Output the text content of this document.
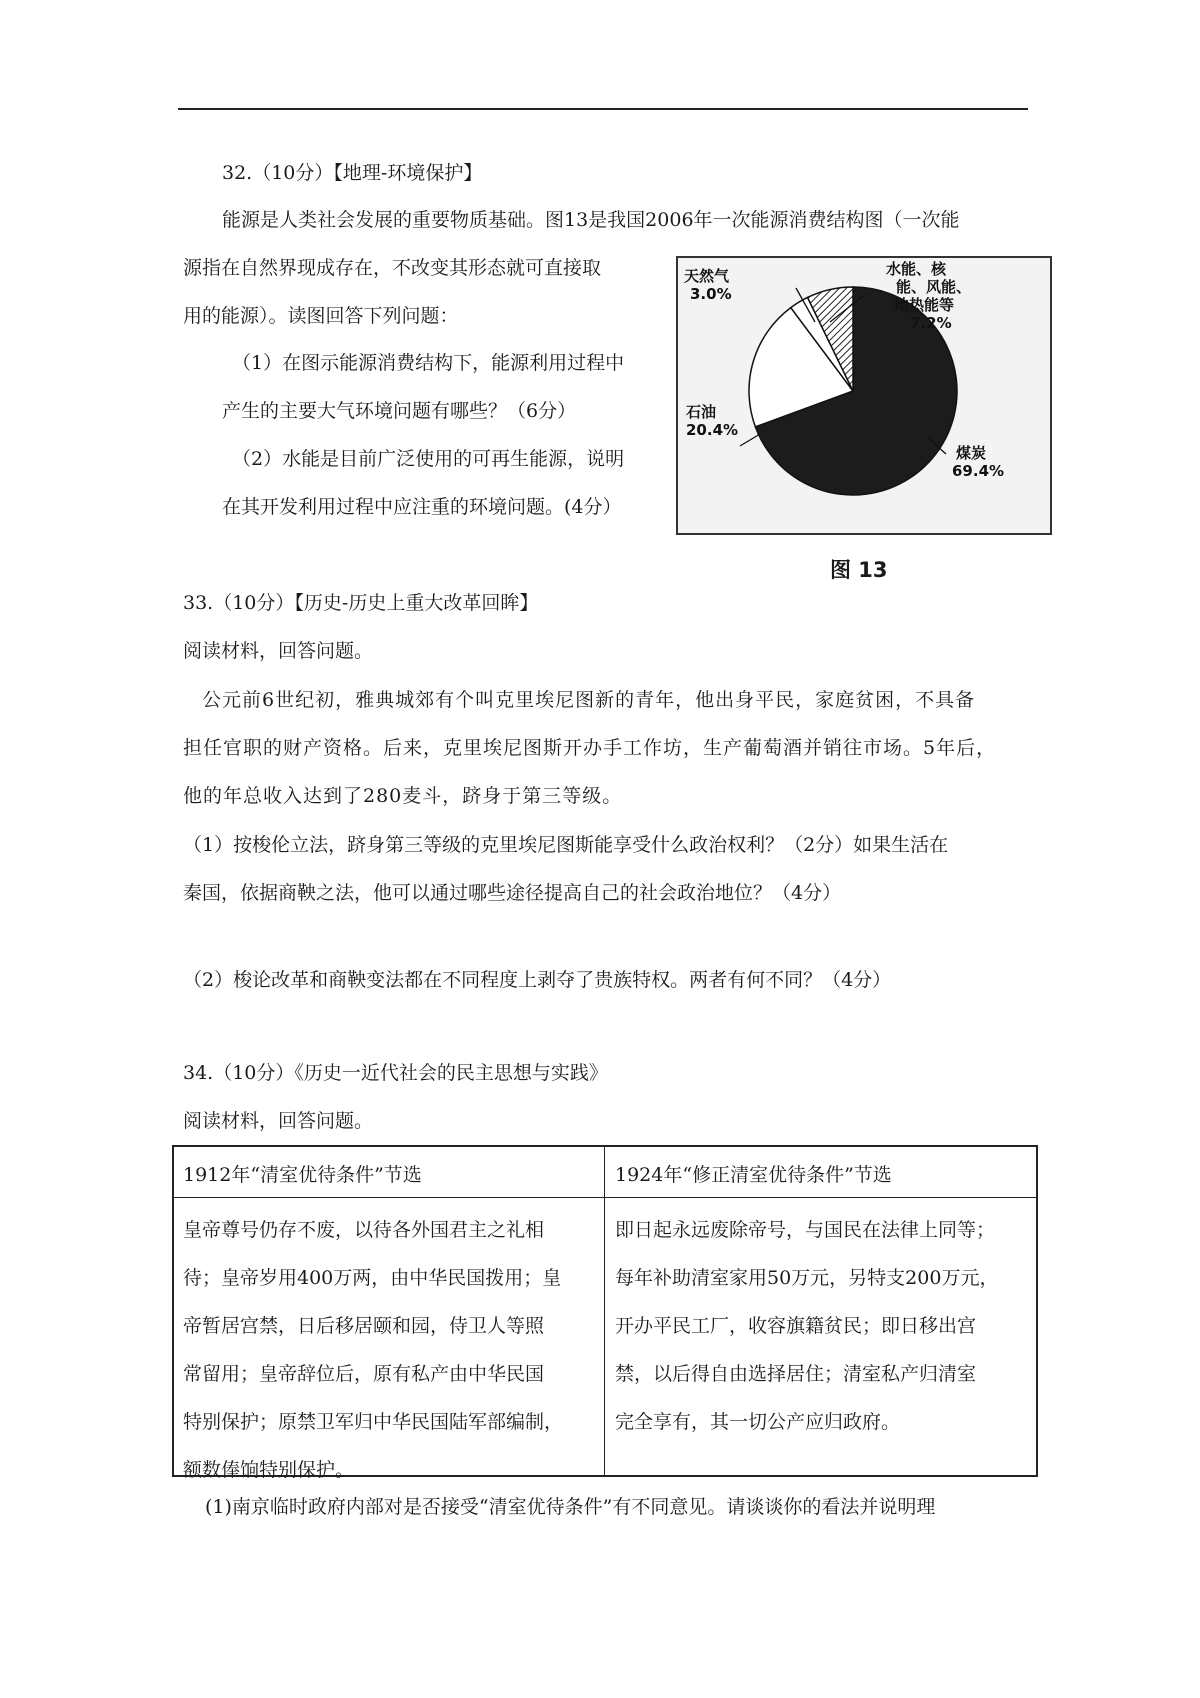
32.（10分）【地理-环境保护】
能源是人类社会发展的重要物质基础。图13是我国2006年一次能源消费结构图（一次能
源指在自然界现成存在，不改变其形态就可直接取
用的能源）。读图回答下列问题：
（1）在图示能源消费结构下，能源利用过程中
产生的主要大气环境问题有哪些？（6分）
（2）水能是目前广泛使用的可再生能源，说明
在其开发利用过程中应注重的环境问题。(4分）
天然气
3.0%
水能、核
能、风能、
地热能等
7.2%
石油
20.4%
煤炭
69.4%
图 13
33.（10分）【历史-历史上重大改革回眸】
阅读材料，回答问题。
公元前6世纪初，雅典城郊有个叫克里埃尼图新的青年，他出身平民，家庭贫困，不具备
担任官职的财产资格。后来，克里埃尼图斯开办手工作坊，生产葡萄酒并销往市场。5年后，
他的年总收入达到了280麦斗，跻身于第三等级。
（1）按梭伦立法，跻身第三等级的克里埃尼图斯能享受什么政治权利？（2分）如果生活在
秦国，依据商鞅之法，他可以通过哪些途径提高自己的社会政治地位？（4分）
（2）梭论改革和商鞅变法都在不同程度上剥夺了贵族特权。两者有何不同？（4分）
34.（10分）《历史一近代社会的民主思想与实践》
阅读材料，回答问题。
1912年“清室优待条件”节选	1924年“修正清室优待条件”节选
皇帝尊号仍存不废，以待各外国君主之礼相
待；皇帝岁用400万两，由中华民国拨用；皇
帝暂居宫禁，日后移居颐和园，侍卫人等照
常留用；皇帝辞位后，原有私产由中华民国
特别保护；原禁卫军归中华民国陆军部编制，
额数俸饷特别保护。
即日起永远废除帝号，与国民在法律上同等；
每年补助清室家用50万元，另特支200万元，
开办平民工厂，收容旗籍贫民；即日移出宫
禁，以后得自由选择居住；清室私产归清室
完全享有，其一切公产应归政府。
(1)南京临时政府内部对是否接受“清室优待条件”有不同意见。请谈谈你的看法并说明理
